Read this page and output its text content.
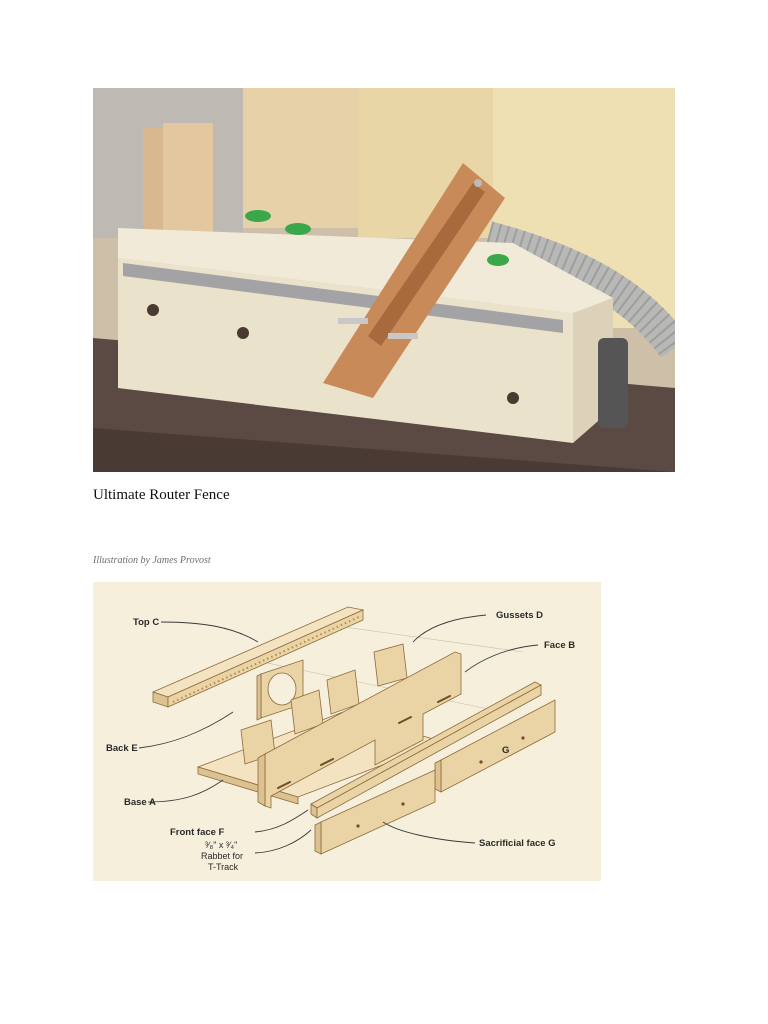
Ultimate Router Fence
Illustration by James Provost
Top C
Gussets D
Face B
Back E	G
Base A
Front face F
³⁄₈" x ³⁄₄"
Rabbet for
T-Track
Sacrificial face G
